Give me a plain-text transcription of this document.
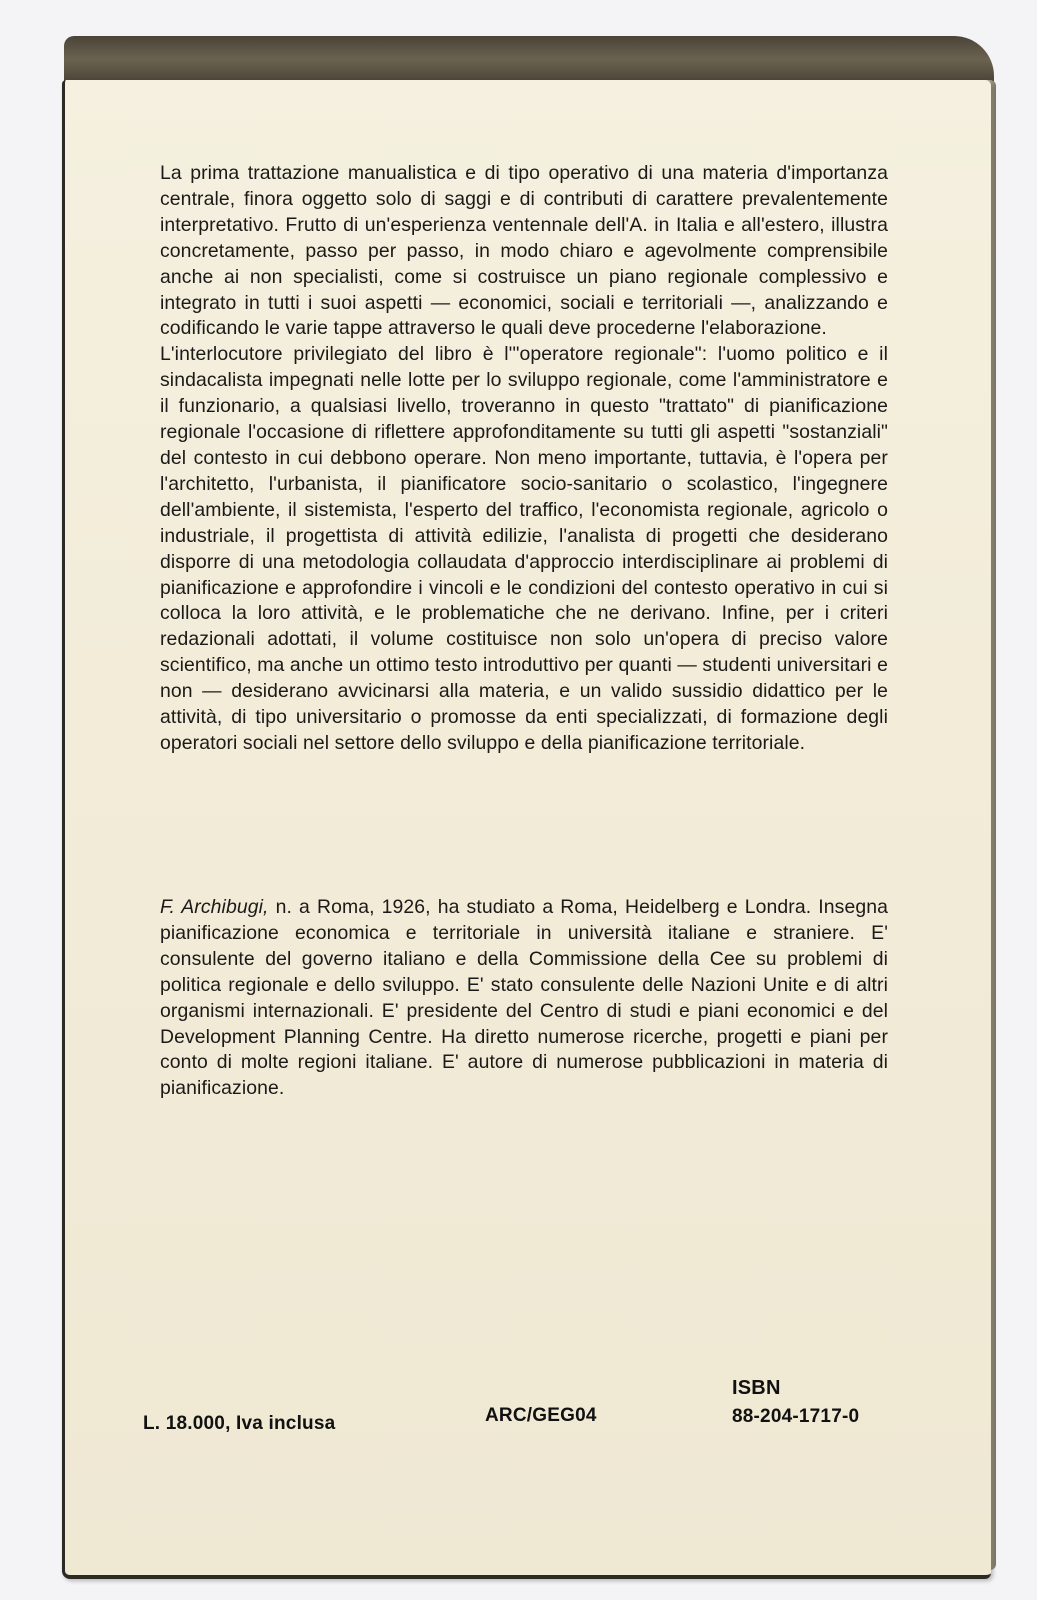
La prima trattazione manualistica e di tipo operativo di una materia d'importanza centrale, finora oggetto solo di saggi e di contributi di carattere prevalentemente interpretativo. Frutto di un'esperienza ventennale dell'A. in Italia e all'estero, illustra concretamente, passo per passo, in modo chiaro e agevolmente comprensibile anche ai non specialisti, come si costruisce un piano regionale complessivo e integrato in tutti i suoi aspetti — economici, sociali e territoriali —, analizzando e codificando le varie tappe attraverso le quali deve procederne l'elaborazione.

L'interlocutore privilegiato del libro è l'"operatore regionale": l'uomo politico e il sindacalista impegnati nelle lotte per lo sviluppo regionale, come l'amministratore e il funzionario, a qualsiasi livello, troveranno in questo "trattato" di pianificazione regionale l'occasione di riflettere approfonditamente su tutti gli aspetti "sostanziali" del contesto in cui debbono operare. Non meno importante, tuttavia, è l'opera per l'architetto, l'urbanista, il pianificatore socio-sanitario o scolastico, l'ingegnere dell'ambiente, il sistemista, l'esperto del traffico, l'economista regionale, agricolo o industriale, il progettista di attività edilizie, l'analista di progetti che desiderano disporre di una metodologia collaudata d'approccio interdisciplinare ai problemi di pianificazione e approfondire i vincoli e le condizioni del contesto operativo in cui si colloca la loro attività, e le problematiche che ne derivano. Infine, per i criteri redazionali adottati, il volume costituisce non solo un'opera di preciso valore scientifico, ma anche un ottimo testo introduttivo per quanti — studenti universitari e non — desiderano avvicinarsi alla materia, e un valido sussidio didattico per le attività, di tipo universitario o promosse da enti specializzati, di formazione degli operatori sociali nel settore dello sviluppo e della pianificazione territoriale.

F. Archibugi, n. a Roma, 1926, ha studiato a Roma, Heidelberg e Londra. Insegna pianificazione economica e territoriale in università italiane e straniere. E' consulente del governo italiano e della Commissione della Cee su problemi di politica regionale e dello sviluppo. E' stato consulente delle Nazioni Unite e di altri organismi internazionali. E' presidente del Centro di studi e piani economici e del Development Planning Centre. Ha diretto numerose ricerche, progetti e piani per conto di molte regioni italiane. E' autore di numerose pubblicazioni in materia di pianificazione.

L. 18.000, Iva inclusa	ARC/GEG04
ISBN
88-204-1717-0
